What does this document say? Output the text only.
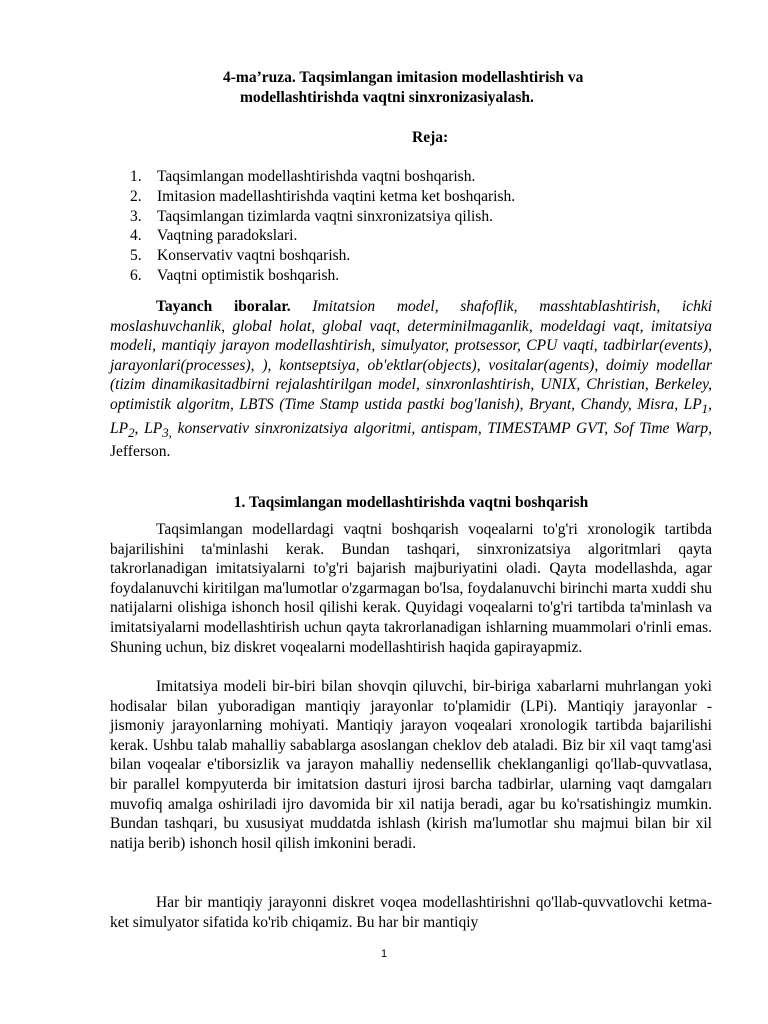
4-ma’ruza. Taqsimlangan imitasion modellashtirish va
modellashtirishda vaqtni sinxronizasiyalash.
Reja:
1. Taqsimlangan modellashtirishda vaqtni boshqarish.
2. Imitasion madellashtirishda vaqtini ketma ket boshqarish.
3. Taqsimlangan tizimlarda vaqtni sinxronizatsiya qilish.
4. Vaqtning paradokslari.
5. Konservativ vaqtni boshqarish.
6. Vaqtni optimistik boshqarish.

Tayanch iboralar. Imitatsion model, shafoflik, masshtablashtirish, ichki moslashuvchanlik, global holat, global vaqt, determinilmaganlik, modeldagi vaqt, imitatsiya modeli, mantiqiy jarayon modellashtirish, simulyator, protsessor, CPU vaqti, tadbirlar(events), jarayonlari(processes), ), kontseptsiya, ob'ektlar(objects), vositalar(agents), doimiy modellar (tizim dinamikasitadbirni rejalashtirilgan model, sinxronlashtirish, UNIX, Christian, Berkeley, optimistik algoritm, LBTS (Time Stamp ustida pastki bog'lanish), Bryant, Chandy, Misra, $LP_1$, $LP_2$, $LP_{3,}$ konservativ sinxronizatsiya algoritmi, antispam, TIMESTAMP GVT, Sof Time Warp, Jefferson.

1. Taqsimlangan modellashtirishda vaqtni boshqarish

Taqsimlangan modellardagi vaqtni boshqarish voqealarni to'g'ri xronologik tartibda bajarilishini ta'minlashi kerak. Bundan tashqari, sinxronizatsiya algoritmlari qayta takrorlanadigan imitatsiyalarni to'g'ri bajarish majburiyatini oladi. Qayta modellashda, agar foydalanuvchi kiritilgan ma'lumotlar o'zgarmagan bo'lsa, foydalanuvchi birinchi marta xuddi shu natijalarni olishiga ishonch hosil qilishi kerak. Quyidagi voqealarni to'g'ri tartibda ta'minlash va imitatsiyalarni modellashtirish uchun qayta takrorlanadigan ishlarning muammolari o'rinli emas. Shuning uchun, biz diskret voqealarni modellashtirish haqida gapirayapmiz.

Imitatsiya modeli bir-biri bilan shovqin qiluvchi, bir-biriga xabarlarni muhrlangan yoki hodisalar bilan yuboradigan mantiqiy jarayonlar to'plamidir (LPi). Mantiqiy jarayonlar - jismoniy jarayonlarning mohiyati. Mantiqiy jarayon voqealari xronologik tartibda bajarilishi kerak. Ushbu talab mahalliy sabablarga asoslangan cheklov deb ataladi. Biz bir xil vaqt tamg'asi bilan voqealar e'tiborsizlik va jarayon mahalliy nedensellik cheklanganligi qo'llab-quvvatlasa, bir parallel kompyuterda bir imitatsion dasturi ijrosi barcha tadbirlar, ularning vaqt damgaları muvofiq amalga oshiriladi ijro davomida bir xil natija beradi, agar bu ko'rsatishingiz mumkin. Bundan tashqari, bu xususiyat muddatda ishlash (kirish ma'lumotlar shu majmui bilan bir xil natija berib) ishonch hosil qilish imkonini beradi.

Har bir mantiqiy jarayonni diskret voqea modellashtirishni qo'llab-quvvatlovchi ketma-ket simulyator sifatida ko'rib chiqamiz. Bu har bir mantiqiy

1
